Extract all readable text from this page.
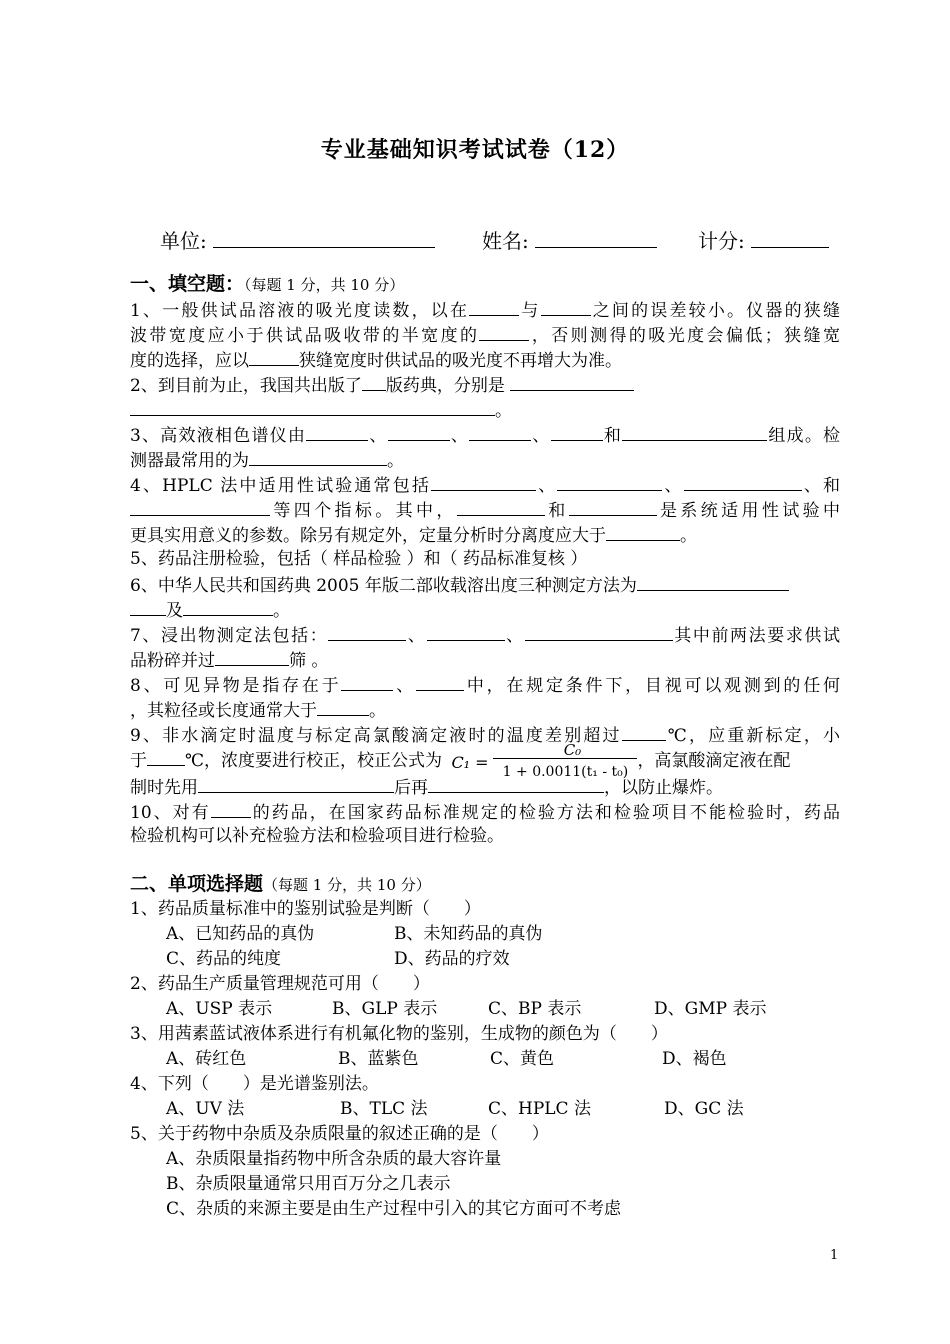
专业基础知识考试试卷（12）
单位:	姓名:	计分:
一、填空题：（每题 1 分，共 10 分）
1、一般供试品溶液的吸光度读数，以在	与	之间的误差较小。仪器的狭缝
波带宽度应小于供试品吸收带的半宽度的	，否则测得的吸光度会偏低；狭缝宽
度的选择，应以	狭缝宽度时供试品的吸光度不再增大为准。
2、到目前为止，我国共出版了 版药典，分别是
。
3、高效液相色谱仪由	、	、	、	和	组成。检
测器最常用的为	。
4、HPLC 法中适用性试验通常包括	、	、	、和
等四个指标。其中，	和	是系统适用性试验中
更具实用意义的参数。除另有规定外，定量分析时分离度应大于	。
5、药品注册检验，包括（ 样品检验 ）和（ 药品标准复核 ）
6、中华人民共和国药典 2005 年版二部收载溶出度三种测定方法为
及	。
7、浸出物测定法包括：	、	、	其中前两法要求供试
品粉碎并过	筛 。
8、可见异物是指存在于	、	中，在规定条件下，目视可以观测到的任何
，其粒径或长度通常大于	。
9、非水滴定时温度与标定高氯酸滴定液时的温度差别超过	℃，应重新标定，小
于 ℃，浓度要进行校正，校正公式为 C₁ =
C₀
1 + 0.0011(t₁ - t₀)
，高氯酸滴定液在配
制时先用	后再	，以防止爆炸。
10、对有 的药品，在国家药品标准规定的检验方法和检验项目不能检验时，药品
检验机构可以补充检验方法和检验项目进行检验。
二、单项选择题（每题 1 分，共 10 分）
1、药品质量标准中的鉴别试验是判断（　　）
A、已知药品的真伪	B、未知药品的真伪
C、药品的纯度	D、药品的疗效
2、药品生产质量管理规范可用（　　）
A、USP 表示	B、GLP 表示	C、BP 表示	D、GMP 表示
3、用茜素蓝试液体系进行有机氟化物的鉴别，生成物的颜色为（　　）
A、砖红色	B、蓝紫色	C、黄色	D、褐色
4、下列（　　）是光谱鉴别法。
A、UV 法	B、TLC 法	C、HPLC 法	D、GC 法
5、关于药物中杂质及杂质限量的叙述正确的是（　　）
A、杂质限量指药物中所含杂质的最大容许量
B、杂质限量通常只用百万分之几表示
C、杂质的来源主要是由生产过程中引入的其它方面可不考虑
1
